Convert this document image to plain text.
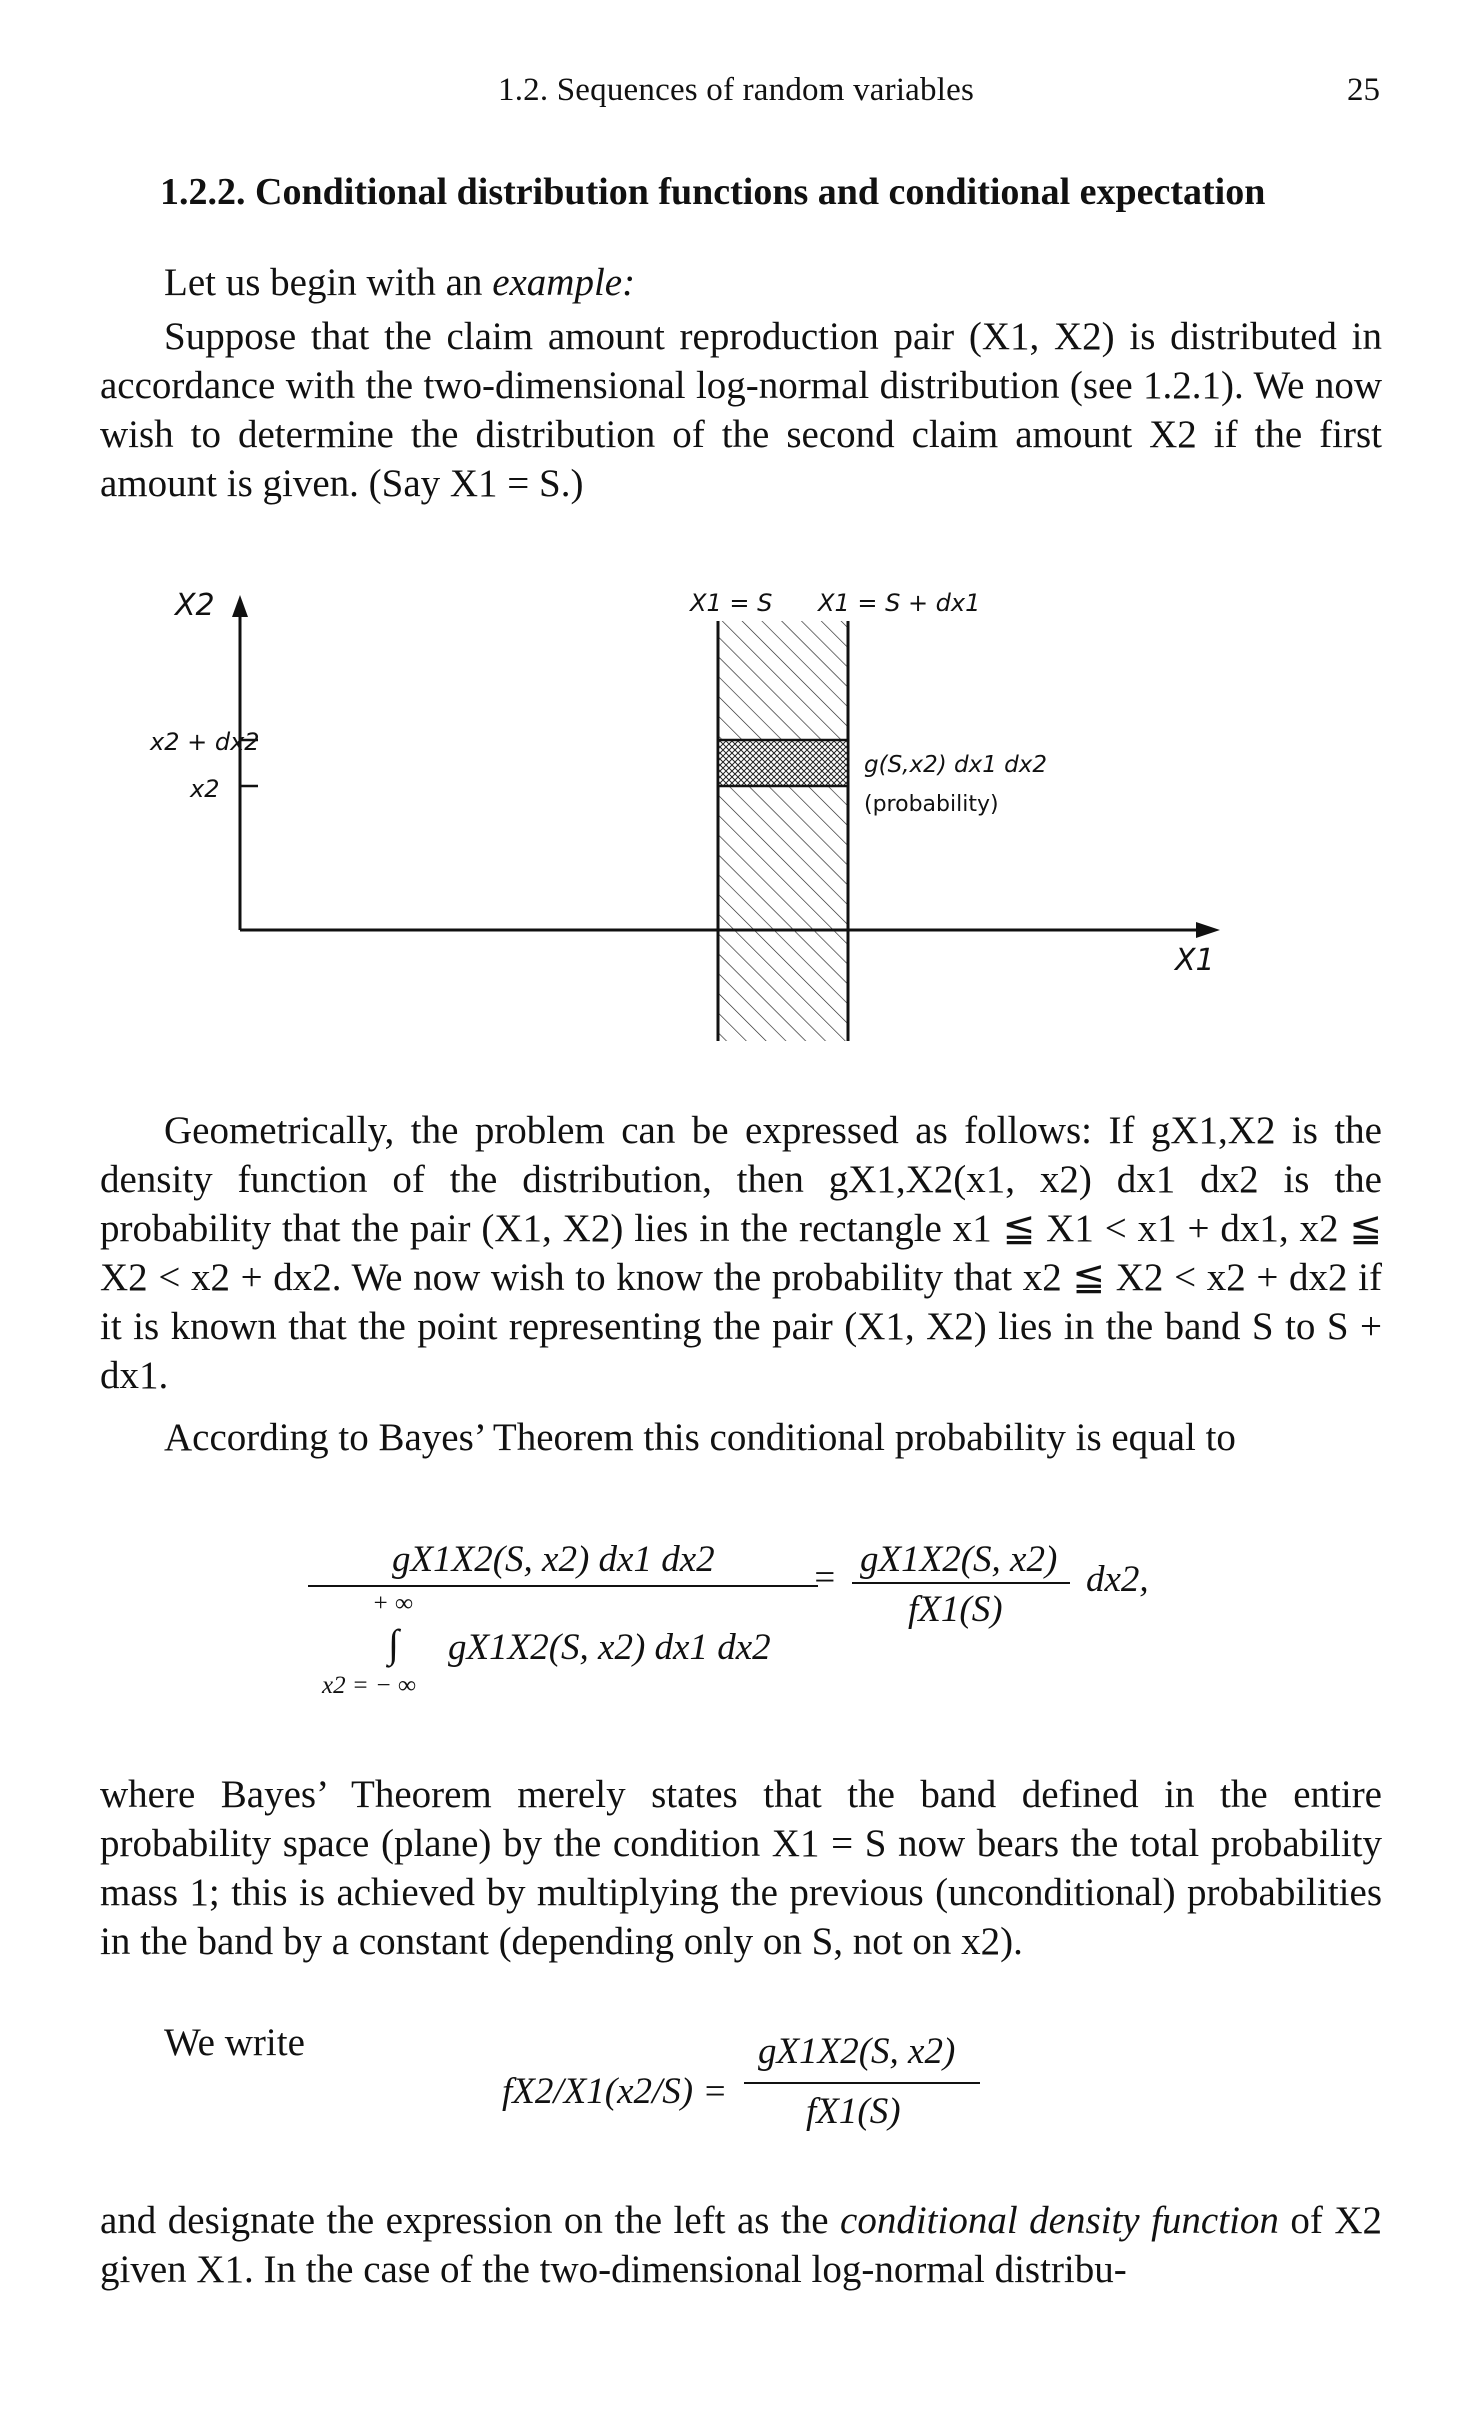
1.2. Sequences of random variables	25
1.2.2. Conditional distribution functions and conditional expectation

Let us begin with an example:

Suppose that the claim amount reproduction pair (X1, X2) is distributed in accordance with the two-dimensional log-normal distribution (see 1.2.1). We now wish to determine the distribution of the second claim amount X2 if the first amount is given. (Say X1 = S.)

X2
X1
X1 = S X1 = S + dx1
x2 + dx2
x2
g(S,x2) dx1 dx2
(probability)

Geometrically, the problem can be expressed as follows: If gX1,X2 is the density function of the distribution, then gX1,X2(x1, x2) dx1 dx2 is the probability that the pair (X1, X2) lies in the rectangle x1 ≦ X1 < x1 + dx1, x2 ≦ X2 < x2 + dx2. We now wish to know the probability that x2 ≦ X2 < x2 + dx2 if it is known that the point representing the pair (X1, X2) lies in the band S to S + dx1.

According to Bayes’ Theorem this conditional probability is equal to

gX1X2(S, x2) dx1 dx2
+ ∞
∫ gX1X2(S, x2) dx1 dx2
x2 = − ∞
= gX1X2(S, x2)
fX1(S)
dx2,

where Bayes’ Theorem merely states that the band defined in the entire probability space (plane) by the condition X1 = S now bears the total probability mass 1; this is achieved by multiplying the previous (unconditional) probabilities in the band by a constant (depending only on S, not on x2).

We write

fX2/X1(x2/S) =
gX1X2(S, x2)
fX1(S)

and designate the expression on the left as the conditional density function of X2 given X1. In the case of the two-dimensional log-normal distribu-
